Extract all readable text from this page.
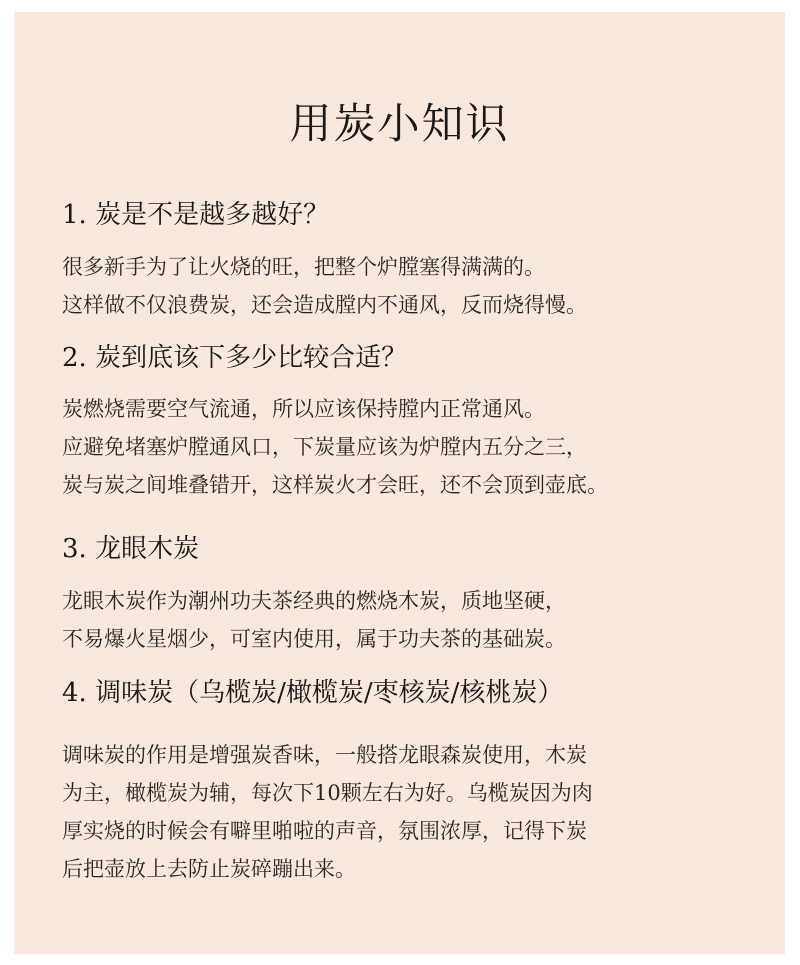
用炭小知识
1. 炭是不是越多越好？
很多新手为了让火烧的旺，把整个炉膛塞得满满的。
这样做不仅浪费炭，还会造成膛内不通风，反而烧得慢。
2. 炭到底该下多少比较合适？
炭燃烧需要空气流通，所以应该保持膛内正常通风。
应避免堵塞炉膛通风口，下炭量应该为炉膛内五分之三，
炭与炭之间堆叠错开，这样炭火才会旺，还不会顶到壶底。
3. 龙眼木炭
龙眼木炭作为潮州功夫茶经典的燃烧木炭，质地坚硬，
不易爆火星烟少，可室内使用，属于功夫茶的基础炭。
4. 调味炭（乌榄炭/橄榄炭/枣核炭/核桃炭）
调味炭的作用是增强炭香味，一般搭龙眼森炭使用，木炭
为主，橄榄炭为辅，每次下10颗左右为好。乌榄炭因为肉
厚实烧的时候会有噼里啪啦的声音，氛围浓厚，记得下炭
后把壶放上去防止炭碎蹦出来。
